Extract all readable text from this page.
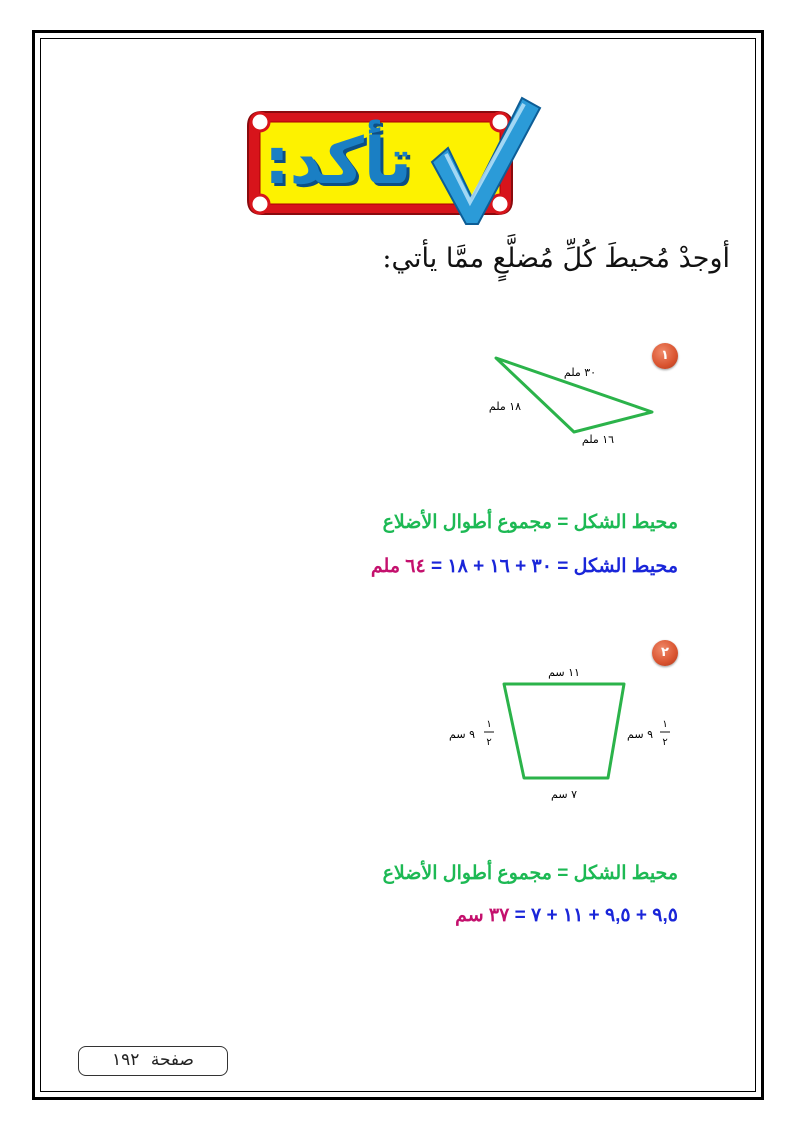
تأكد:
أوجدْ مُحيطَ كُلِّ مُضلَّعٍ ممَّا يأتي:
١
٣٠ ملم
١٨ ملم
١٦ ملم
محيط الشكل = مجموع أطوال الأضلاع
محيط الشكل = ٣٠ + ١٦ + ١٨ = ٦٤ ملم
٢
١١ سم
٧ سم
٩ سم
١
٢
٩ سم
١
٢
محيط الشكل = مجموع أطوال الأضلاع
٩,٥ + ٩,٥ + ١١ + ٧ = ٣٧ سم
صفحة ١٩٢
